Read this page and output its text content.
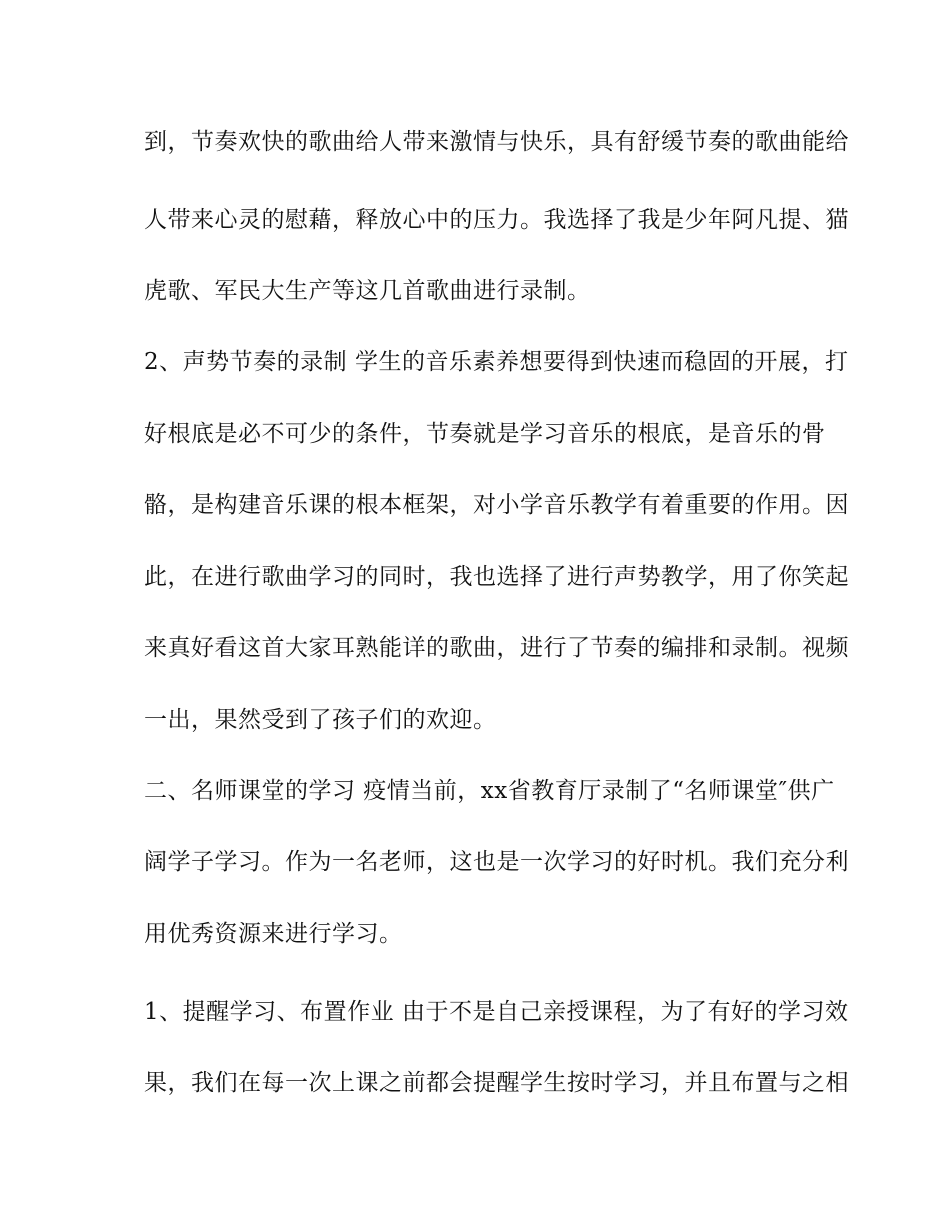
到，节奏欢快的歌曲给人带来激情与快乐，具有舒缓节奏的歌曲能给
人带来心灵的慰藉，释放心中的压力。我选择了我是少年阿凡提、猫
虎歌、军民大生产等这几首歌曲进行录制。
2、声势节奏的录制 学生的音乐素养想要得到快速而稳固的开展，打
好根底是必不可少的条件，节奏就是学习音乐的根底，是音乐的骨
骼，是构建音乐课的根本框架，对小学音乐教学有着重要的作用。因
此，在进行歌曲学习的同时，我也选择了进行声势教学，用了你笑起
来真好看这首大家耳熟能详的歌曲，进行了节奏的编排和录制。视频
一出，果然受到了孩子们的欢迎。
二、名师课堂的学习 疫情当前，xx省教育厅录制了“名师课堂″供广
阔学子学习。作为一名老师，这也是一次学习的好时机。我们充分利
用优秀资源来进行学习。
1、提醒学习、布置作业 由于不是自己亲授课程，为了有好的学习效
果，我们在每一次上课之前都会提醒学生按时学习，并且布置与之相
